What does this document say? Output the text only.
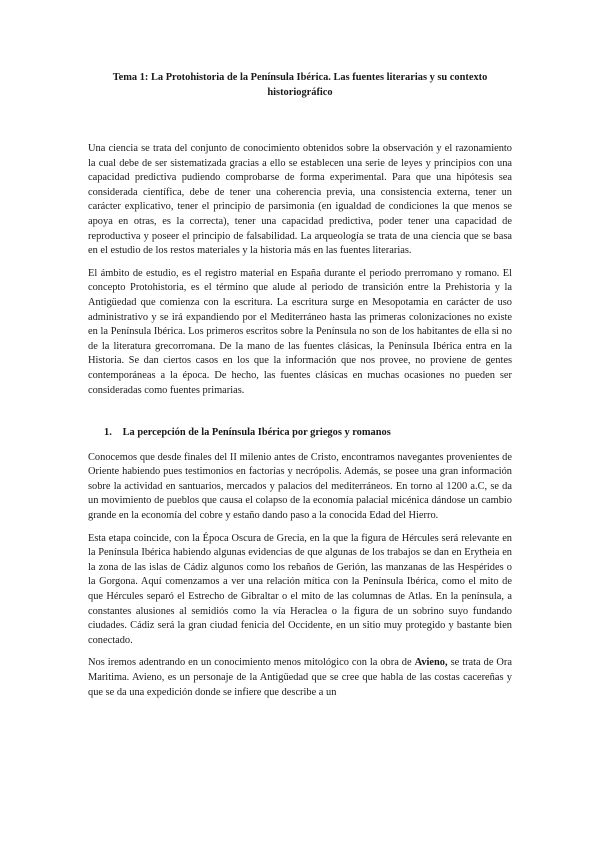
Tema 1: La Protohistoria de la Península Ibérica. Las fuentes literarias y su contexto historiográfico

Una ciencia se trata del conjunto de conocimiento obtenidos sobre la observación y el razonamiento la cual debe de ser sistematizada gracias a ello se establecen una serie de leyes y principios con una capacidad predictiva pudiendo comprobarse de forma experimental. Para que una hipótesis sea considerada científica, debe de tener una coherencia previa, una consistencia externa, tener un carácter explicativo, tener el principio de parsimonia (en igualdad de condiciones la que menos se apoya en otras, es la correcta), tener una capacidad predictiva, poder tener una capacidad de reproductiva y poseer el principio de falsabilidad. La arqueología se trata de una ciencia que se basa en el estudio de los restos materiales y la historia más en las fuentes literarias.

El ámbito de estudio, es el registro material en España durante el periodo prerromano y romano. El concepto Protohistoria, es el término que alude al periodo de transición entre la Prehistoria y la Antigüedad que comienza con la escritura. La escritura surge en Mesopotamia en carácter de uso administrativo y se irá expandiendo por el Mediterráneo hasta las primeras colonizaciones no existe en la Península Ibérica. Los primeros escritos sobre la Península no son de los habitantes de ella si no de la literatura grecorromana. De la mano de las fuentes clásicas, la Península Ibérica entra en la Historia. Se dan ciertos casos en los que la información que nos provee, no proviene de gentes contemporáneas a la época. De hecho, las fuentes clásicas en muchas ocasiones no pueden ser consideradas como fuentes primarias.

1. La percepción de la Península Ibérica por griegos y romanos

Conocemos que desde finales del II milenio antes de Cristo, encontramos navegantes provenientes de Oriente habiendo pues testimonios en factorías y necrópolis. Además, se posee una gran información sobre la actividad en santuarios, mercados y palacios del mediterráneos. En torno al 1200 a.C, se da un movimiento de pueblos que causa el colapso de la economía palacial micénica dándose un cambio grande en la economía del cobre y estaño dando paso a la conocida Edad del Hierro.

Esta etapa coincide, con la Época Oscura de Grecia, en la que la figura de Hércules será relevante en la Península Ibérica habiendo algunas evidencias de que algunas de los trabajos se dan en Erytheia en la zona de las islas de Cádiz algunos como los rebaños de Gerión, las manzanas de las Hespérides o la Gorgona. Aquí comenzamos a ver una relación mítica con la Península Ibérica, como el mito de que Hércules separó el Estrecho de Gibraltar o el mito de las columnas de Atlas. En la península, a constantes alusiones al semidiós como la vía Heraclea o la figura de un sobrino suyo fundando ciudades. Cádiz será la gran ciudad fenicia del Occidente, en un sitio muy protegido y bastante bien conectado.

Nos iremos adentrando en un conocimiento menos mitológico con la obra de Avieno, se trata de Ora Maritima. Avieno, es un personaje de la Antigüedad que se cree que habla de las costas cacereñas y que se da una expedición donde se infiere que describe a un
